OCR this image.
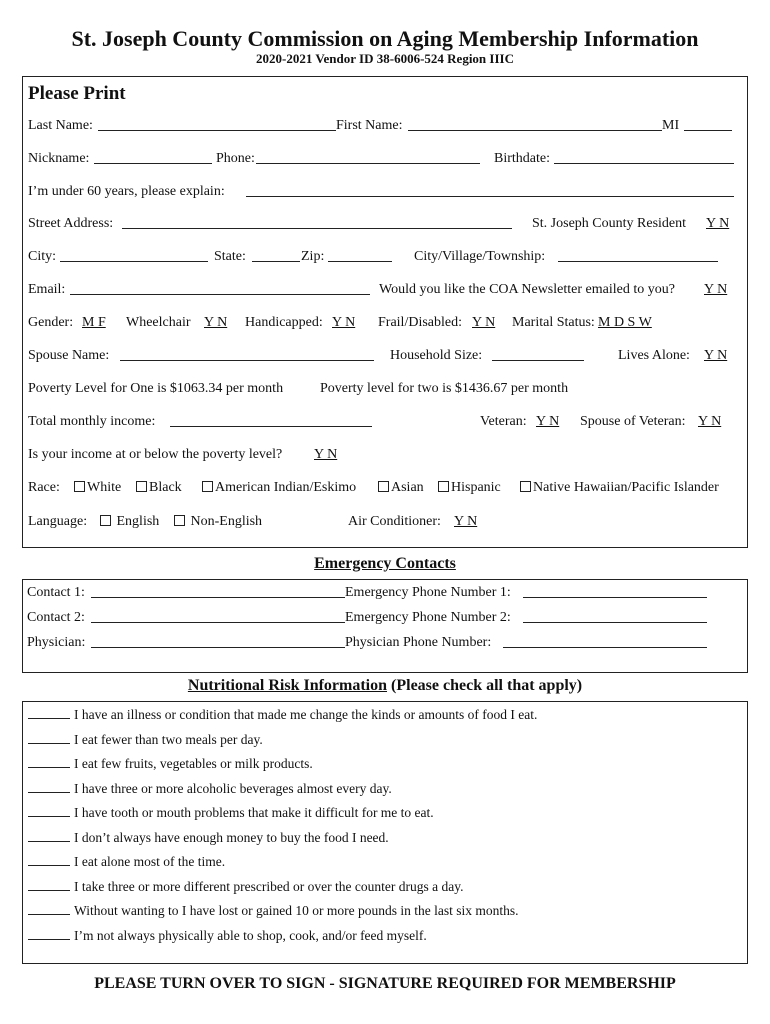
St. Joseph County Commission on Aging Membership Information
2020-2021 Vendor ID 38-6006-524 Region IIIC
Please Print
Last Name:	First Name:	MI
Nickname:	Phone:	Birthdate:
I’m under 60 years, please explain:
Street Address:	St. Joseph County Resident Y N
City:	State:	Zip:	City/Village/Township:
Email:	Would you like the COA Newsletter emailed to you? Y N
Gender: M F Wheelchair Y N Handicapped: Y N Frail/Disabled: Y N Marital Status: M D S W
Spouse Name:	Household Size:	Lives Alone: Y N
Poverty Level for One is $1063.34 per month	Poverty level for two is $1436.67 per month
Total monthly income:	Veteran: Y N Spouse of Veteran: Y N
Is your income at or below the poverty level? Y N
Race:	White	Black	American Indian/Eskimo	Asian	Hispanic	Native Hawaiian/Pacific Islander
Language:	English	Non-English	Air Conditioner: Y N
Emergency Contacts
Contact 1:	Emergency Phone Number 1:
Contact 2:	Emergency Phone Number 2:
Physician:	Physician Phone Number:
Nutritional Risk Information (Please check all that apply)
I have an illness or condition that made me change the kinds or amounts of food I eat.
I eat fewer than two meals per day.
I eat few fruits, vegetables or milk products.
I have three or more alcoholic beverages almost every day.
I have tooth or mouth problems that make it difficult for me to eat.
I don’t always have enough money to buy the food I need.
I eat alone most of the time.
I take three or more different prescribed or over the counter drugs a day.
Without wanting to I have lost or gained 10 or more pounds in the last six months.
I’m not always physically able to shop, cook, and/or feed myself.
PLEASE TURN OVER TO SIGN - SIGNATURE REQUIRED FOR MEMBERSHIP
